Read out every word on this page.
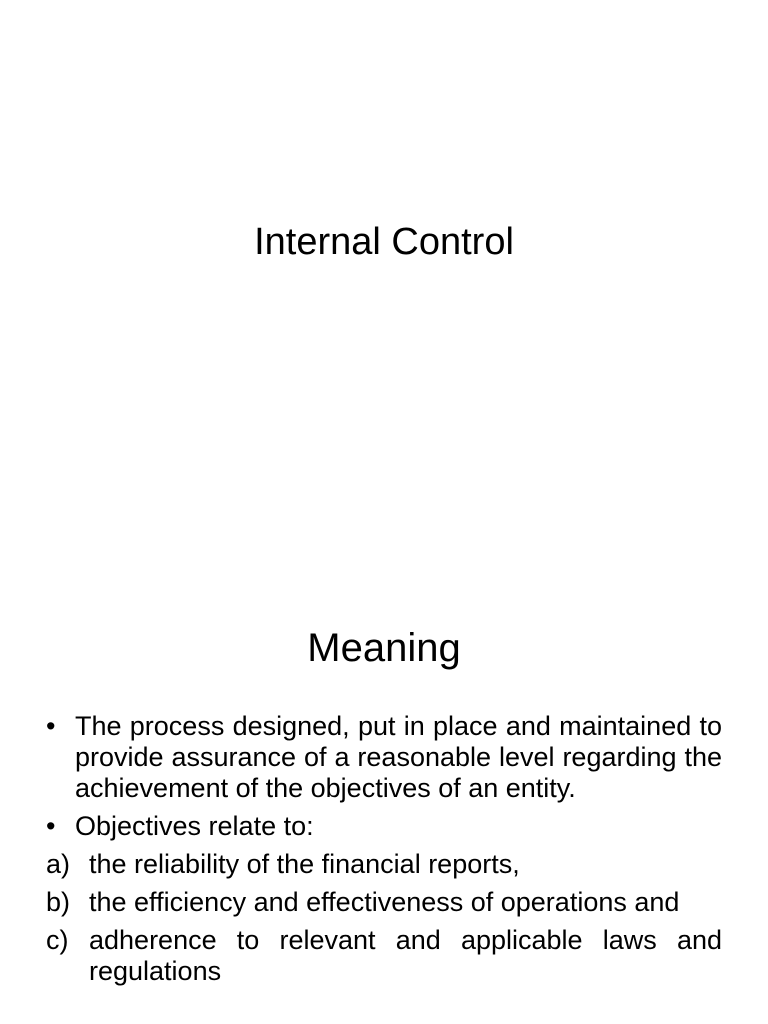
Internal Control
Meaning
• The process designed, put in place and maintained to provide assurance of a reasonable level regarding the achievement of the objectives of an entity.
• Objectives relate to:
a) the reliability of the financial reports,
b) the efficiency and effectiveness of operations and
c) adherence to relevant and applicable laws and regulations
